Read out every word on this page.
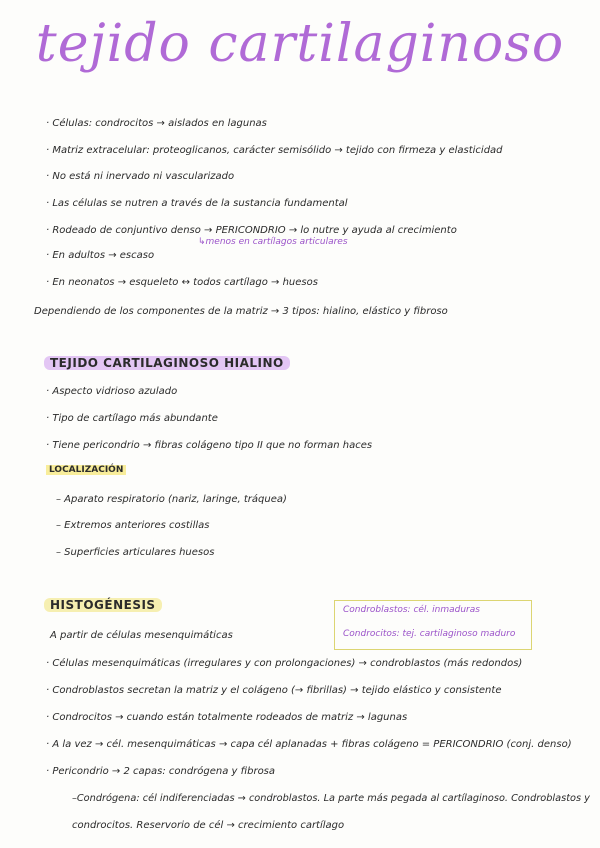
tejido cartilaginoso
· Células: condrocitos → aislados en lagunas
· Matriz extracelular: proteoglicanos, carácter semisólido → tejido con firmeza y elasticidad
· No está ni inervado ni vascularizado
· Las células se nutren a través de la sustancia fundamental
· Rodeado de conjuntivo denso → PERICONDRIO → lo nutre y ayuda al crecimiento
↳menos en cartílagos articulares
· En adultos → escaso
· En neonatos → esqueleto ↔ todos cartílago → huesos
Dependiendo de los componentes de la matriz → 3 tipos: hialino, elástico y fibroso
TEJIDO CARTILAGINOSO HIALINO
· Aspecto vidrioso azulado
· Tipo de cartílago más abundante
· Tiene pericondrio → fibras colágeno tipo II que no forman haces
LOCALIZACIÓN
– Aparato respiratorio (nariz, laringe, tráquea)
– Extremos anteriores costillas
– Superficies articulares huesos
HISTOGÉNESIS	Condroblastos: cél. inmaduras
Condrocitos: tej. cartilaginoso maduro
A partir de células mesenquimáticas
· Células mesenquimáticas (irregulares y con prolongaciones) → condroblastos (más redondos)
· Condroblastos secretan la matriz y el colágeno (→ fibrillas) → tejido elástico y consistente
· Condrocitos → cuando están totalmente rodeados de matriz → lagunas
· A la vez → cél. mesenquimáticas → capa cél aplanadas + fibras colágeno = PERICONDRIO (conj. denso)
· Pericondrio → 2 capas: condrógena y fibrosa
–Condrógena: cél indiferenciadas → condroblastos. La parte más pegada al cartílaginoso. Condroblastos y
condrocitos. Reservorio de cél → crecimiento cartílago
